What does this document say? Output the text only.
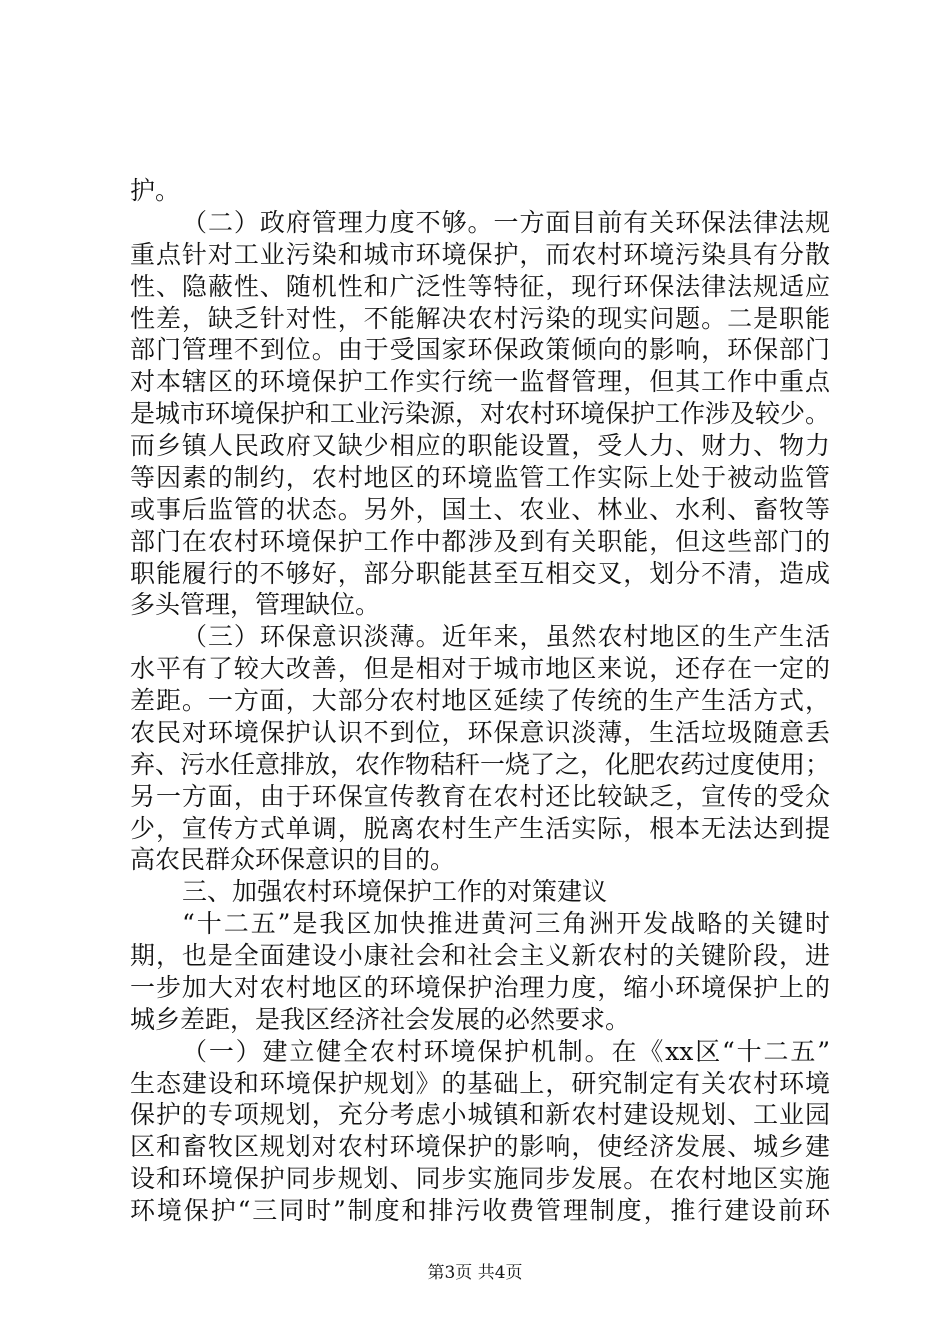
护。
（二）政府管理力度不够。一方面目前有关环保法律法规
重点针对工业污染和城市环境保护，而农村环境污染具有分散
性、隐蔽性、随机性和广泛性等特征，现行环保法律法规适应
性差，缺乏针对性，不能解决农村污染的现实问题。二是职能
部门管理不到位。由于受国家环保政策倾向的影响，环保部门
对本辖区的环境保护工作实行统一监督管理，但其工作中重点
是城市环境保护和工业污染源，对农村环境保护工作涉及较少。
而乡镇人民政府又缺少相应的职能设置，受人力、财力、物力
等因素的制约，农村地区的环境监管工作实际上处于被动监管
或事后监管的状态。另外，国土、农业、林业、水利、畜牧等
部门在农村环境保护工作中都涉及到有关职能，但这些部门的
职能履行的不够好，部分职能甚至互相交叉，划分不清，造成
多头管理，管理缺位。
（三）环保意识淡薄。近年来，虽然农村地区的生产生活
水平有了较大改善，但是相对于城市地区来说，还存在一定的
差距。一方面，大部分农村地区延续了传统的生产生活方式，
农民对环境保护认识不到位，环保意识淡薄，生活垃圾随意丢
弃、污水任意排放，农作物秸秆一烧了之，化肥农药过度使用；
另一方面，由于环保宣传教育在农村还比较缺乏，宣传的受众
少，宣传方式单调，脱离农村生产生活实际，根本无法达到提
高农民群众环保意识的目的。
三、加强农村环境保护工作的对策建议
“十二五”是我区加快推进黄河三角洲开发战略的关键时
期，也是全面建设小康社会和社会主义新农村的关键阶段，进
一步加大对农村地区的环境保护治理力度，缩小环境保护上的
城乡差距，是我区经济社会发展的必然要求。
（一）建立健全农村环境保护机制。在《xx区“十二五”
生态建设和环境保护规划》的基础上，研究制定有关农村环境
保护的专项规划，充分考虑小城镇和新农村建设规划、工业园
区和畜牧区规划对农村环境保护的影响，使经济发展、城乡建
设和环境保护同步规划、同步实施同步发展。在农村地区实施
环境保护“三同时”制度和排污收费管理制度，推行建设前环
第3页 共4页
